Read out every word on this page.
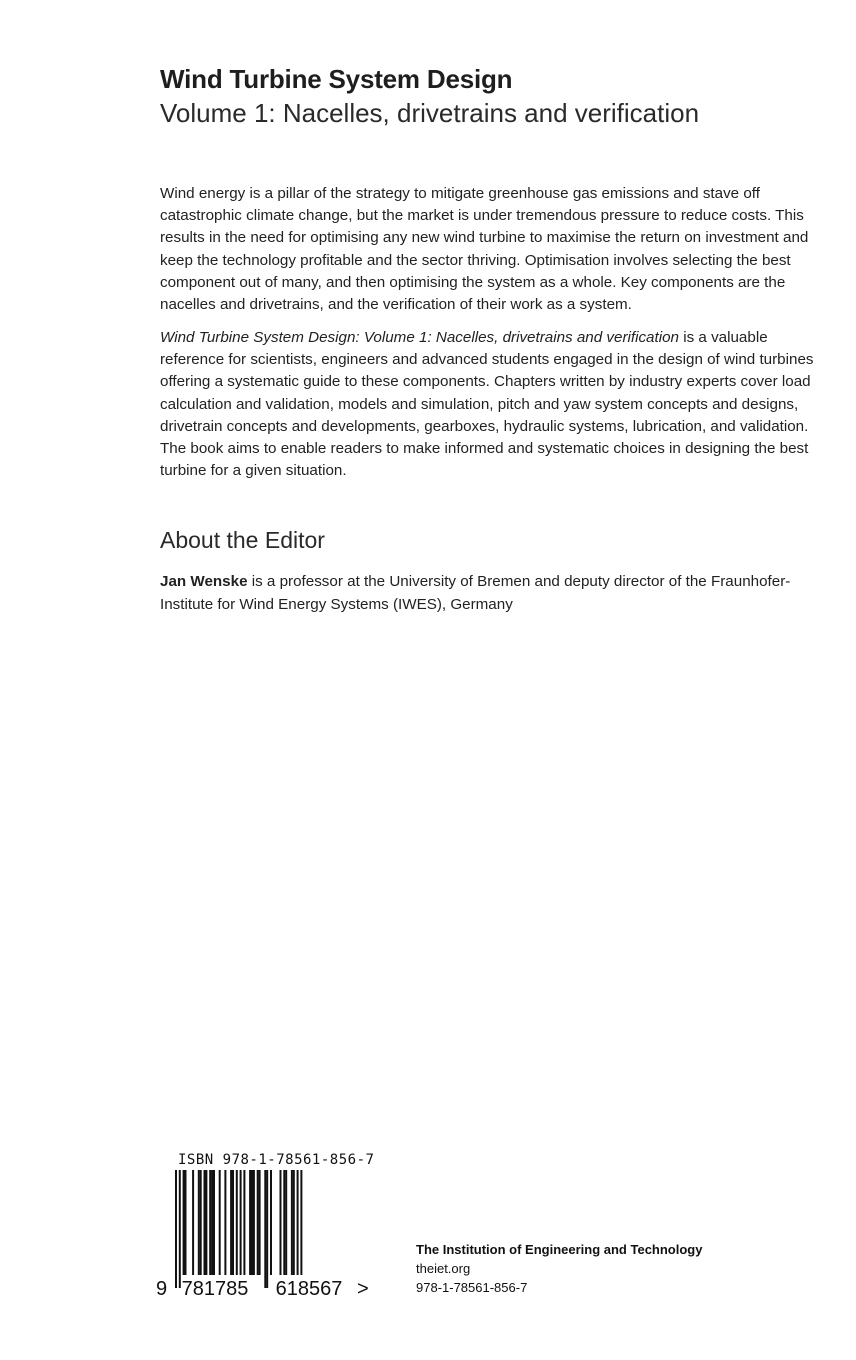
Wind Turbine System Design
Volume 1: Nacelles, drivetrains and verification
Wind energy is a pillar of the strategy to mitigate greenhouse gas emissions and stave off catastrophic climate change, but the market is under tremendous pressure to reduce costs. This results in the need for optimising any new wind turbine to maximise the return on investment and keep the technology profitable and the sector thriving. Optimisation involves selecting the best component out of many, and then optimising the system as a whole. Key components are the nacelles and drivetrains, and the verification of their work as a system.
Wind Turbine System Design: Volume 1: Nacelles, drivetrains and verification is a valuable reference for scientists, engineers and advanced students engaged in the design of wind turbines offering a systematic guide to these components. Chapters written by industry experts cover load calculation and validation, models and simulation, pitch and yaw system concepts and designs, drivetrain concepts and developments, gearboxes, hydraulic systems, lubrication, and validation. The book aims to enable readers to make informed and systematic choices in designing the best turbine for a given situation.
About the Editor
Jan Wenske is a professor at the University of Bremen and deputy director of the Fraunhofer-Institute for Wind Energy Systems (IWES), Germany
ISBN 978-1-78561-856-7
9 781785 618567 >
The Institution of Engineering and Technology
theiet.org
978-1-78561-856-7
